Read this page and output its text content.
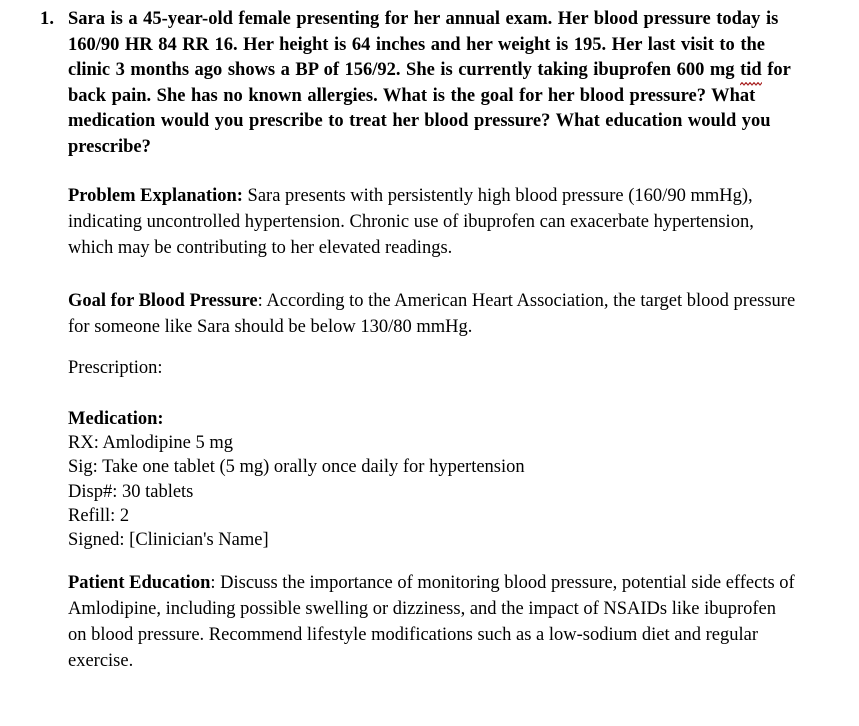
1. Sara is a 45-year-old female presenting for her annual exam. Her blood pressure today is 160/90 HR 84 RR 16. Her height is 64 inches and her weight is 195. Her last visit to the clinic 3 months ago shows a BP of 156/92. She is currently taking ibuprofen 600 mg tid
for back pain. She has no known allergies. What is the goal for her blood pressure? What medication would you prescribe to treat her blood pressure? What education would you prescribe?

Problem Explanation: Sara presents with persistently high blood pressure (160/90 mmHg), indicating uncontrolled hypertension. Chronic use of ibuprofen can exacerbate hypertension, which may be contributing to her elevated readings.

Goal for Blood Pressure: According to the American Heart Association, the target blood pressure for someone like Sara should be below 130/80 mmHg.

Prescription:

Medication:
RX: Amlodipine 5 mg
Sig: Take one tablet (5 mg) orally once daily for hypertension
Disp#: 30 tablets
Refill: 2
Signed: [Clinician's Name]

Patient Education: Discuss the importance of monitoring blood pressure, potential side effects of Amlodipine, including possible swelling or dizziness, and the impact of NSAIDs like ibuprofen on blood pressure. Recommend lifestyle modifications such as a low-sodium diet and regular exercise.
